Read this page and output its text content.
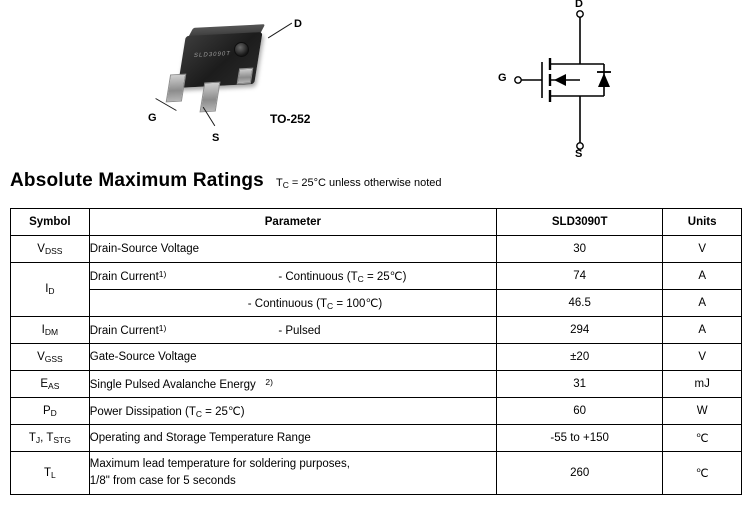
SLD3090T
D
G
S
TO-252
D
S
G
Absolute Maximum Ratings $T_C = 25^\circ C$ unless otherwise noted
Symbol	Parameter	SLD3090T	Units
$V_{DSS}$	Drain-Source Voltage	30	V
$I_D$	Drain Current$^{1)}$ - Continuous ($T_C$ = 25℃)	74	A
	- Continuous ($T_C$ = 100℃)	46.5	A
$I_{DM}$	Drain Current$^{1)}$ - Pulsed	294	A
$V_{GSS}$	Gate-Source Voltage	±20	V
$E_{AS}$	Single Pulsed Avalanche Energy $^{2)}$	31	mJ
$P_D$	Power Dissipation ($T_C$ = 25℃)	60	W
$T_J$, $T_{STG}$	Operating and Storage Temperature Range	-55 to +150	℃
$T_L$	Maximum lead temperature for soldering purposes,
1/8" from case for 5 seconds	260	℃
